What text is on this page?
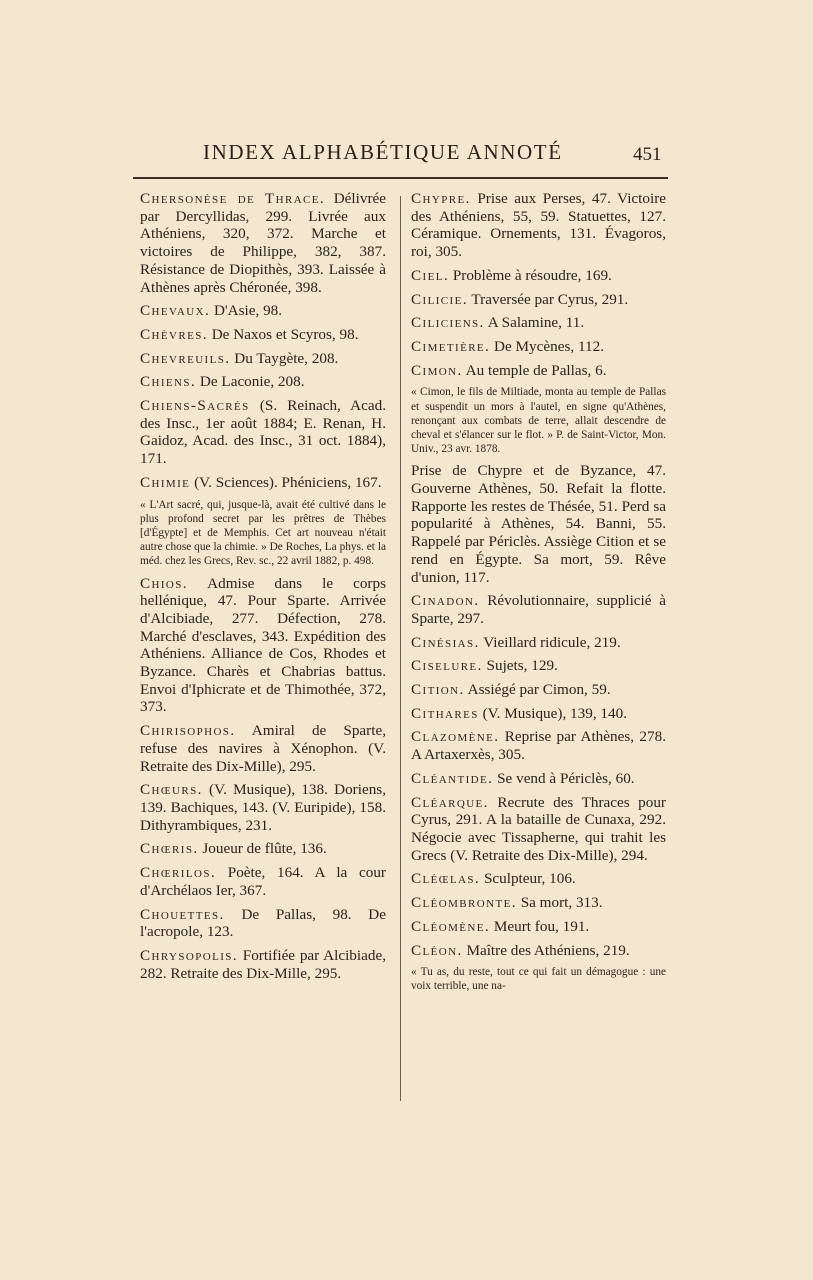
INDEX ALPHABÉTIQUE ANNOTÉ	451
Chersonèse de Thrace. Délivrée par Dercyllidas, 299. Livrée aux Athéniens, 320, 372. Marche et victoires de Philippe, 382, 387. Résistance de Diopithès, 393. Laissée à Athènes après Chéronée, 398.
Chevaux. D'Asie, 98.
Chèvres. De Naxos et Scyros, 98.
Chevreuils. Du Taygète, 208.
Chiens. De Laconie, 208.
Chiens-Sacrés (S. Reinach, Acad. des Insc., 1er août 1884; E. Renan, H. Gaidoz, Acad. des Insc., 31 oct. 1884), 171.
Chimie (V. Sciences). Phéniciens, 167.
« L'Art sacré, qui, jusque-là, avait été cultivé dans le plus profond secret par les prêtres de Thèbes [d'Égypte] et de Memphis. Cet art nouveau n'était autre chose que la chimie. » De Roches, La phys. et la méd. chez les Grecs, Rev. sc., 22 avril 1882, p. 498.
Chios. Admise dans le corps hellénique, 47. Pour Sparte. Arrivée d'Alcibiade, 277. Défection, 278. Marché d'esclaves, 343. Expédition des Athéniens. Alliance de Cos, Rhodes et Byzance. Charès et Chabrias battus. Envoi d'Iphicrate et de Thimothée, 372, 373.
Chirisophos. Amiral de Sparte, refuse des navires à Xénophon. (V. Retraite des Dix-Mille), 295.
Chœurs. (V. Musique), 138. Doriens, 139. Bachiques, 143. (V. Euripide), 158. Dithyrambiques, 231.
Chœris. Joueur de flûte, 136.
Chœrilos. Poète, 164. A la cour d'Archélaos Ier, 367.
Chouettes. De Pallas, 98. De l'acropole, 123.
Chrysopolis. Fortifiée par Alcibiade, 282. Retraite des Dix-Mille, 295.
Chypre. Prise aux Perses, 47. Victoire des Athéniens, 55, 59. Statuettes, 127. Céramique. Ornements, 131. Évagoros, roi, 305.
Ciel. Problème à résoudre, 169.
Cilicie. Traversée par Cyrus, 291.
Ciliciens. A Salamine, 11.
Cimetière. De Mycènes, 112.
Cimon. Au temple de Pallas, 6.
« Cimon, le fils de Miltiade, monta au temple de Pallas et suspendit un mors à l'autel, en signe qu'Athènes, renonçant aux combats de terre, allait descendre de cheval et s'élancer sur le flot. » P. de Saint-Victor, Mon. Univ., 23 avr. 1878.
Prise de Chypre et de Byzance, 47. Gouverne Athènes, 50. Refait la flotte. Rapporte les restes de Thésée, 51. Perd sa popularité à Athènes, 54. Banni, 55. Rappelé par Périclès. Assiège Cition et se rend en Égypte. Sa mort, 59. Rêve d'union, 117.
Cinadon. Révolutionnaire, supplicié à Sparte, 297.
Cinésias. Vieillard ridicule, 219.
Ciselure. Sujets, 129.
Cition. Assiégé par Cimon, 59.
Cithares (V. Musique), 139, 140.
Clazomène. Reprise par Athènes, 278. A Artaxerxès, 305.
Cléantide. Se vend à Périclès, 60.
Cléarque. Recrute des Thraces pour Cyrus, 291. A la bataille de Cunaxa, 292. Négocie avec Tissapherne, qui trahit les Grecs (V. Retraite des Dix-Mille), 294.
Cléœlas. Sculpteur, 106.
Cléombronte. Sa mort, 313.
Cléomène. Meurt fou, 191.
Cléon. Maître des Athéniens, 219.
« Tu as, du reste, tout ce qui fait un démagogue : une voix terrible, une na-
